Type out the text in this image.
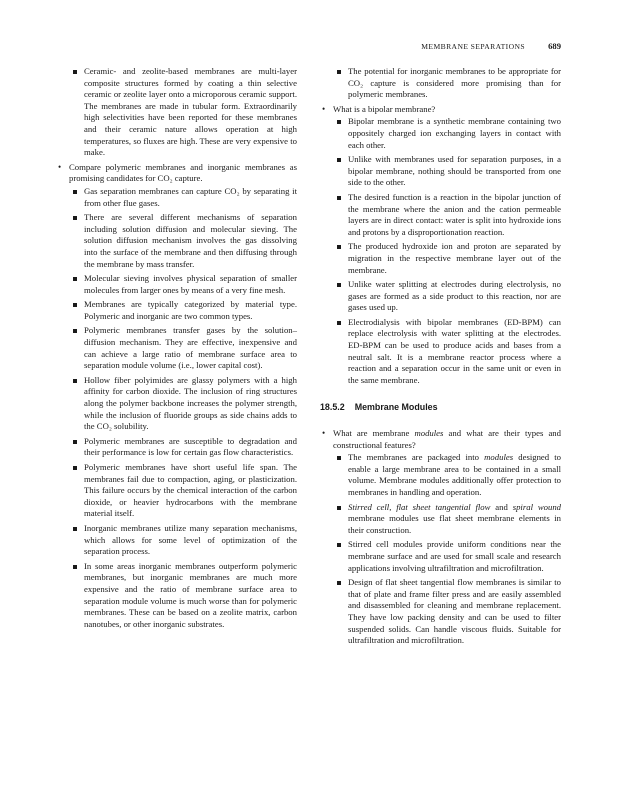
MEMBRANE SEPARATIONS	689
Ceramic- and zeolite-based membranes are multi-layer composite structures formed by coating a thin selective ceramic or zeolite layer onto a microporous ceramic support. The membranes are made in tubular form. Extraordinarily high selectivities have been reported for these membranes and their ceramic nature allows operation at high temperatures, so fluxes are high. These are very expensive to make.
• Compare polymeric membranes and inorganic membranes as promising candidates for CO₂ capture.
Gas separation membranes can capture CO₂ by separating it from other flue gases.
There are several different mechanisms of separation including solution diffusion and molecular sieving. The solution diffusion mechanism involves the gas dissolving into the surface of the membrane and then diffusing through the membrane by mass transfer.
Molecular sieving involves physical separation of smaller molecules from larger ones by means of a very fine mesh.
Membranes are typically categorized by material type. Polymeric and inorganic are two common types.
Polymeric membranes transfer gases by the solution–diffusion mechanism. They are effective, inexpensive and can achieve a large ratio of membrane surface area to separation module volume (i.e., lower capital cost).
Hollow fiber polyimides are glassy polymers with a high affinity for carbon dioxide. The inclusion of ring structures along the polymer backbone increases the polymer strength, while the inclusion of fluoride groups as side chains adds to the CO₂ solubility.
Polymeric membranes are susceptible to degradation and their performance is low for certain gas flow characteristics.
Polymeric membranes have short useful life span. The membranes fail due to compaction, aging, or plasticization. This failure occurs by the chemical interaction of the carbon dioxide, or heavier hydrocarbons with the membrane material itself.
Inorganic membranes utilize many separation mechanisms, which allows for some level of optimization of the separation process.
In some areas inorganic membranes outperform polymeric membranes, but inorganic membranes are much more expensive and the ratio of membrane surface area to separation module volume is much worse than for polymeric membranes. These can be based on a zeolite matrix, carbon nanotubes, or other inorganic substrates.
The potential for inorganic membranes to be appropriate for CO₂ capture is considered more promising than for polymeric membranes.
• What is a bipolar membrane?
Bipolar membrane is a synthetic membrane containing two oppositely charged ion exchanging layers in contact with each other.
Unlike with membranes used for separation purposes, in a bipolar membrane, nothing should be transported from one side to the other.
The desired function is a reaction in the bipolar junction of the membrane where the anion and the cation permeable layers are in direct contact: water is split into hydroxide ions and protons by a disproportionation reaction.
The produced hydroxide ion and proton are separated by migration in the respective membrane layer out of the membrane.
Unlike water splitting at electrodes during electrolysis, no gases are formed as a side product to this reaction, nor are gases used up.
Electrodialysis with bipolar membranes (ED-BPM) can replace electrolysis with water splitting at the electrodes. ED-BPM can be used to produce acids and bases from a neutral salt. It is a membrane reactor process where a reaction and a separation occur in the same unit or even in the same membrane.
18.5.2 Membrane Modules
• What are membrane modules and what are their types and constructional features?
The membranes are packaged into modules designed to enable a large membrane area to be contained in a small volume. Membrane modules additionally offer protection to membranes in handling and operation.
Stirred cell, flat sheet tangential flow and spiral wound membrane modules use flat sheet membrane elements in their construction.
Stirred cell modules provide uniform conditions near the membrane surface and are used for small scale and research applications involving ultrafiltration and microfiltration.
Design of flat sheet tangential flow membranes is similar to that of plate and frame filter press and are easily assembled and disassembled for cleaning and membrane replacement. They have low packing density and can be used to filter suspended solids. Can handle viscous fluids. Suitable for ultrafiltration and microfiltration.
